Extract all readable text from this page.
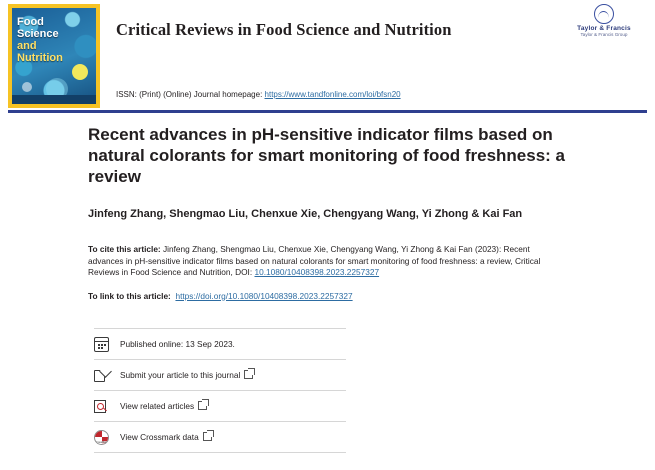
Food
Science
and
Nutrition
Critical Reviews in Food Science and Nutrition	Taylor & Francis
Taylor & Francis Group
ISSN: (Print) (Online) Journal homepage: https://www.tandfonline.com/loi/bfsn20
Recent advances in pH-sensitive indicator films based on natural colorants for smart monitoring of food freshness: a review
Jinfeng Zhang, Shengmao Liu, Chenxue Xie, Chengyang Wang, Yi Zhong & Kai Fan
To cite this article: Jinfeng Zhang, Shengmao Liu, Chenxue Xie, Chengyang Wang, Yi Zhong & Kai Fan (2023): Recent advances in pH-sensitive indicator films based on natural colorants for smart monitoring of food freshness: a review, Critical Reviews in Food Science and Nutrition, DOI: 10.1080/10408398.2023.2257327
To link to this article: https://doi.org/10.1080/10408398.2023.2257327
Published online: 13 Sep 2023.
Submit your article to this journal
View related articles
CrossMark View Crossmark data
